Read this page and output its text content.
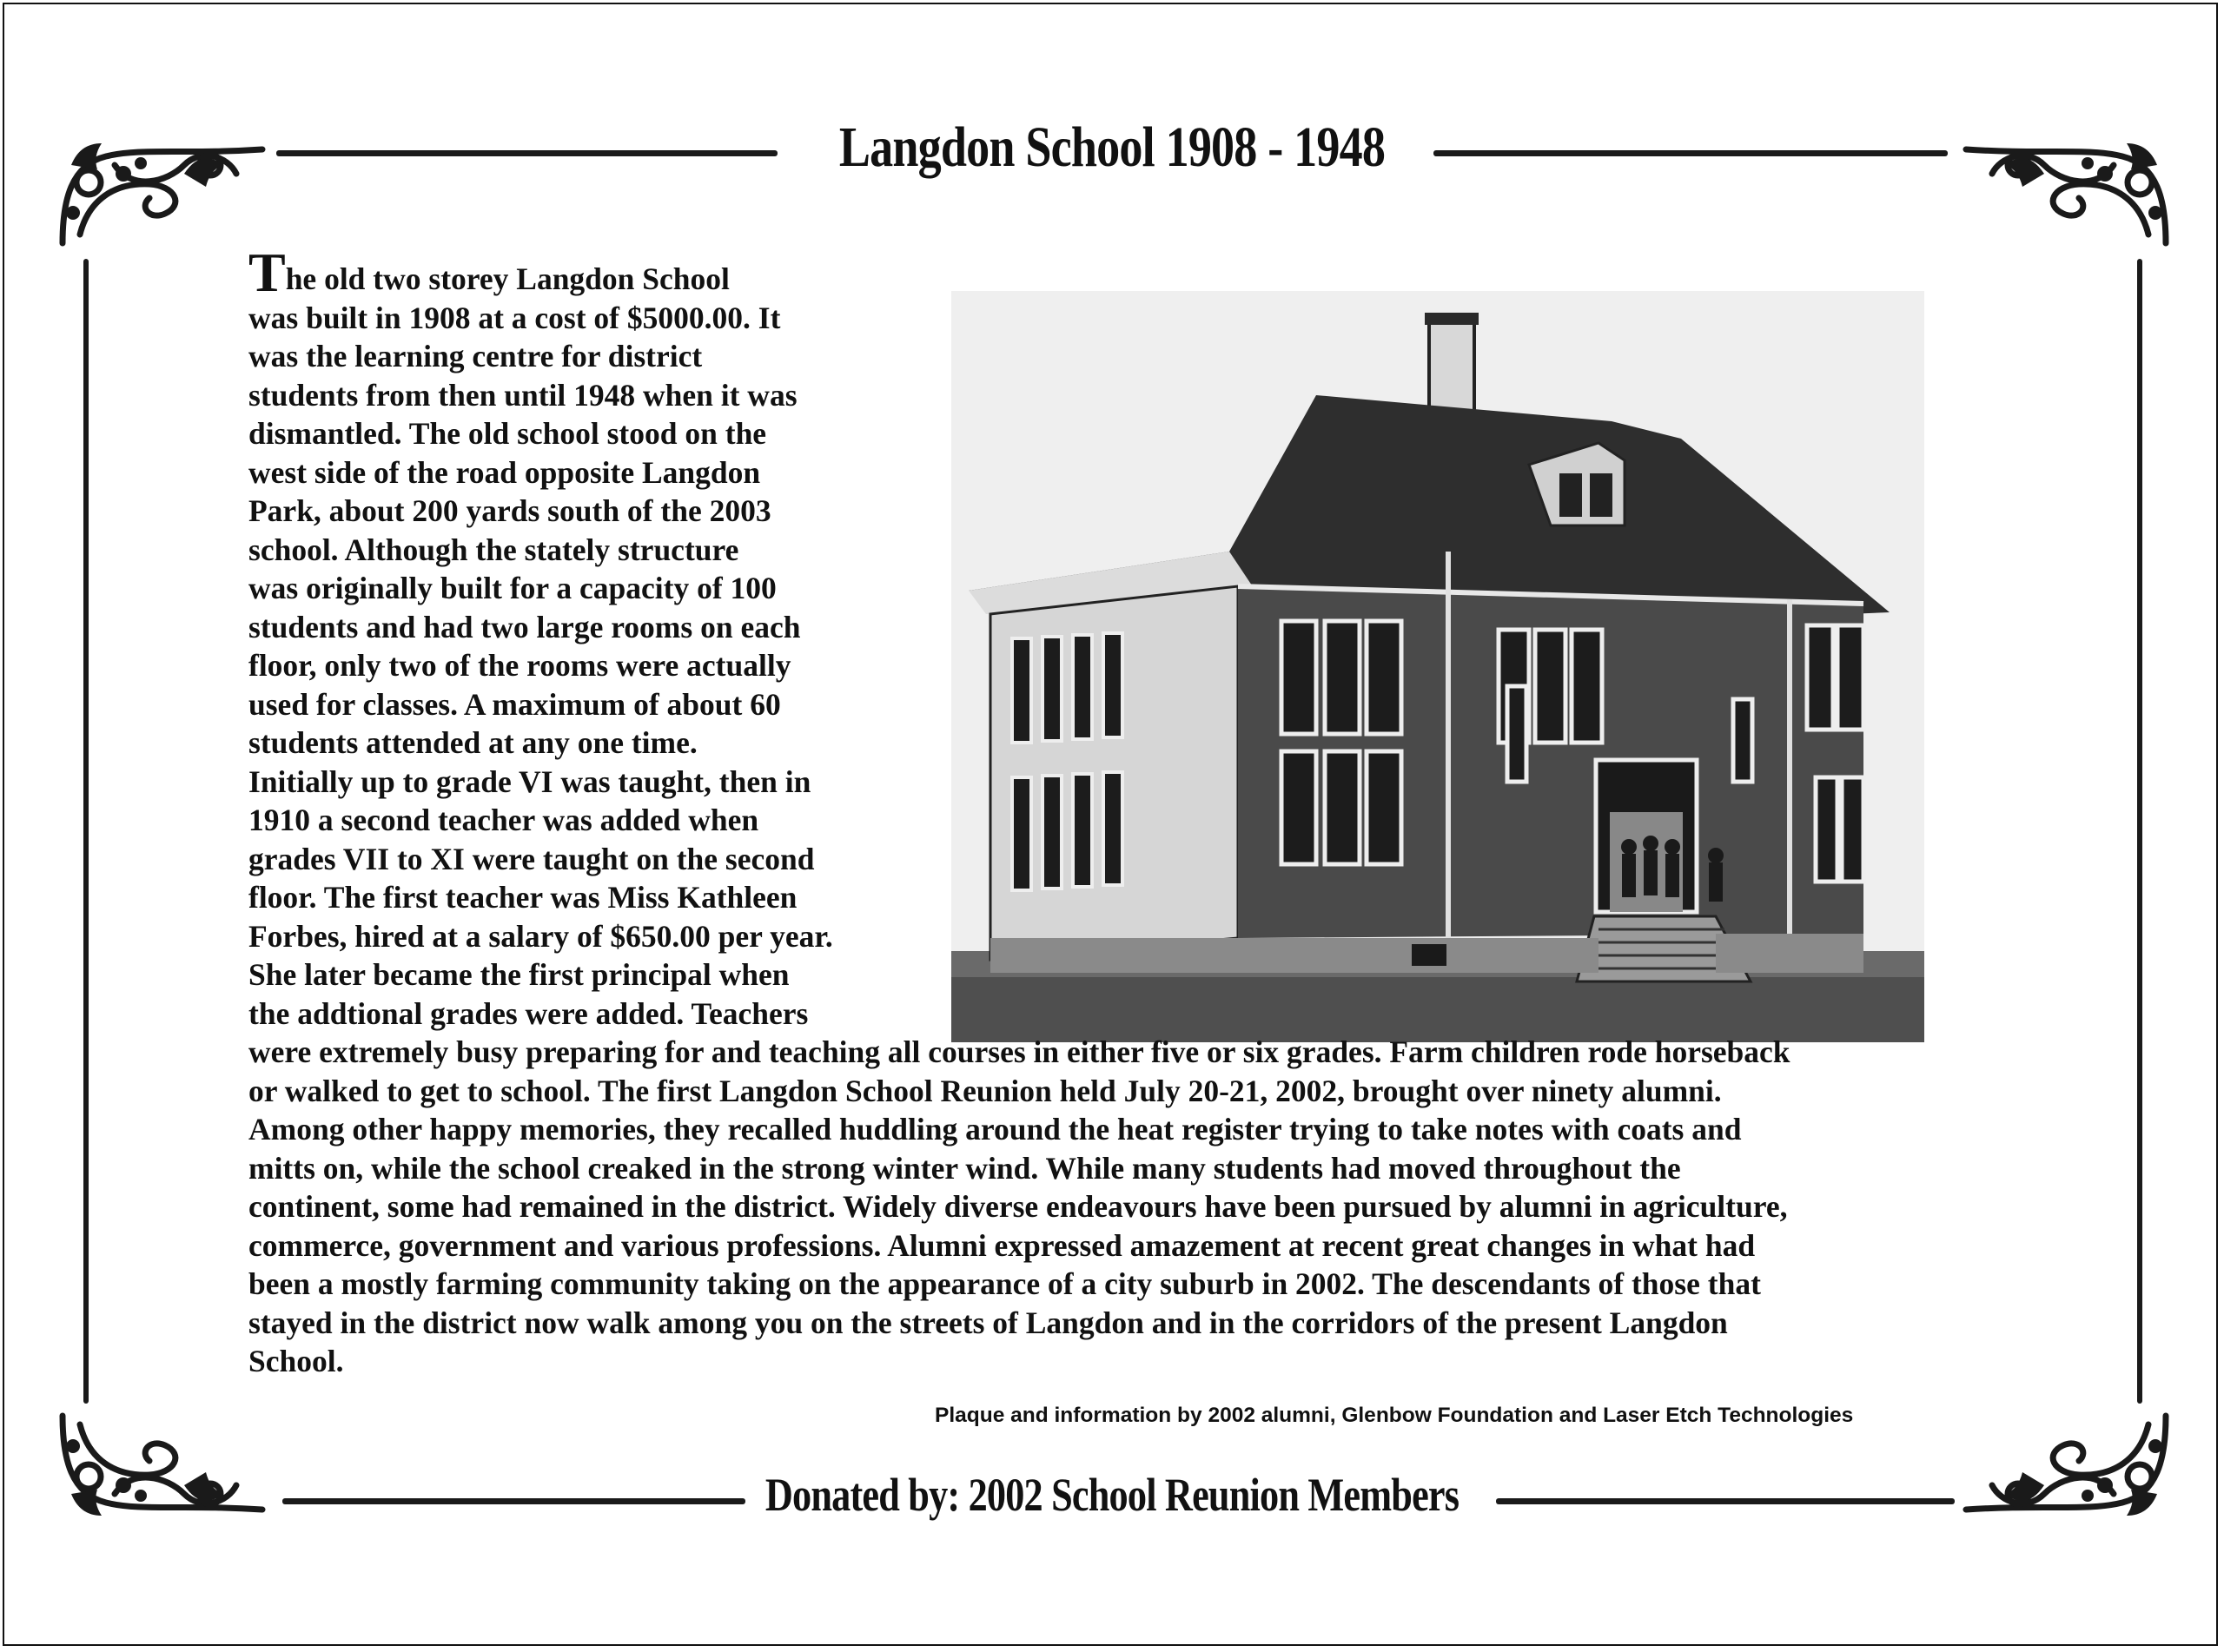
Langdon School 1908 - 1948
The old two storey Langdon School
was built in 1908 at a cost of $5000.00. It
was the learning centre for district
students from then until 1948 when it was
dismantled. The old school stood on the
west side of the road opposite Langdon
Park, about 200 yards south of the 2003
school. Although the stately structure
was originally built for a capacity of 100
students and had two large rooms on each
floor, only two of the rooms were actually
used for classes. A maximum of about 60
students attended at any one time.
Initially up to grade VI was taught, then in
1910 a second teacher was added when
grades VII to XI were taught on the second
floor. The first teacher was Miss Kathleen
Forbes, hired at a salary of $650.00 per year.
She later became the first principal when
the addtional grades were added. Teachers
were extremely busy preparing for and teaching all courses in either five or six grades. Farm children rode horseback
or walked to get to school. The first Langdon School Reunion held July 20-21, 2002, brought over ninety alumni.
Among other happy memories, they recalled huddling around the heat register trying to take notes with coats and
mitts on, while the school creaked in the strong winter wind. While many students had moved throughout the
continent, some had remained in the district. Widely diverse endeavours have been pursued by alumni in agriculture,
commerce, government and various professions. Alumni expressed amazement at recent great changes in what had
been a mostly farming community taking on the appearance of a city suburb in 2002. The descendants of those that
stayed in the district now walk among you on the streets of Langdon and in the corridors of the present Langdon
School.
Plaque and information by 2002 alumni, Glenbow Foundation and Laser Etch Technologies
Donated by: 2002 School Reunion Members
